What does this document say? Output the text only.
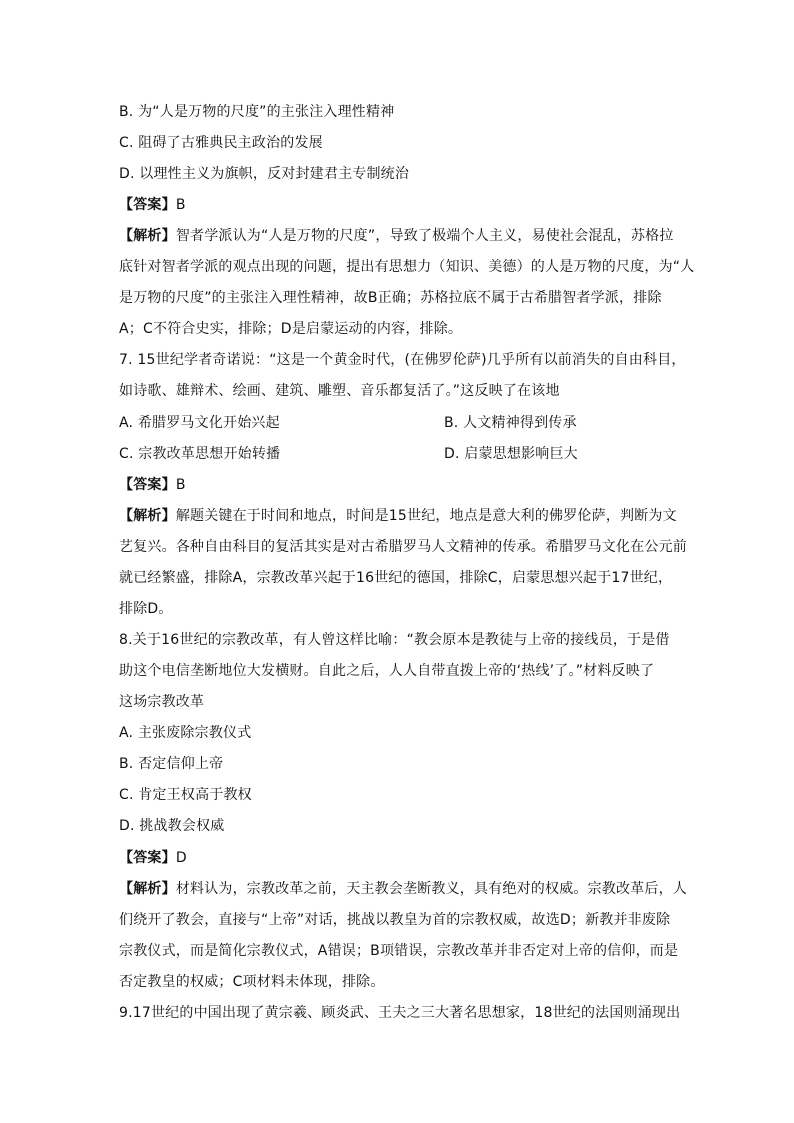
B. 为“人是万物的尺度”的主张注入理性精神
C. 阻碍了古雅典民主政治的发展
D. 以理性主义为旗帜，反对封建君主专制统治
【答案】B
【解析】智者学派认为“人是万物的尺度”，导致了极端个人主义，易使社会混乱，苏格拉
底针对智者学派的观点出现的问题，提出有思想力（知识、美德）的人是万物的尺度，为“人
是万物的尺度”的主张注入理性精神，故B正确；苏格拉底不属于古希腊智者学派，排除
A；C不符合史实，排除；D是启蒙运动的内容，排除。
7. 15世纪学者奇诺说：“这是一个黄金时代，(在佛罗伦萨)几乎所有以前消失的自由科目，
如诗歌、雄辩术、绘画、建筑、雕塑、音乐都复活了。”这反映了在该地
A. 希腊罗马文化开始兴起	B. 人文精神得到传承
C. 宗教改革思想开始转播	D. 启蒙思想影响巨大
【答案】B
【解析】解题关键在于时间和地点，时间是15世纪，地点是意大利的佛罗伦萨，判断为文
艺复兴。各种自由科目的复活其实是对古希腊罗马人文精神的传承。希腊罗马文化在公元前
就已经繁盛，排除A，宗教改革兴起于16世纪的德国，排除C，启蒙思想兴起于17世纪，
排除D。
8.关于16世纪的宗教改革，有人曾这样比喻：“教会原本是教徒与上帝的接线员，于是借
助这个电信垄断地位大发横财。自此之后，人人自带直拨上帝的‘热线’了。”材料反映了
这场宗教改革
A. 主张废除宗教仪式
B. 否定信仰上帝
C. 肯定王权高于教权
D. 挑战教会权威
【答案】D
【解析】材料认为，宗教改革之前，天主教会垄断教义，具有绝对的权威。宗教改革后，人
们绕开了教会，直接与“上帝”对话，挑战以教皇为首的宗教权威，故选D；新教并非废除
宗教仪式，而是简化宗教仪式，A错误；B项错误，宗教改革并非否定对上帝的信仰，而是
否定教皇的权威；C项材料未体现，排除。
9.17世纪的中国出现了黄宗羲、顾炎武、王夫之三大著名思想家，18世纪的法国则涌现出
